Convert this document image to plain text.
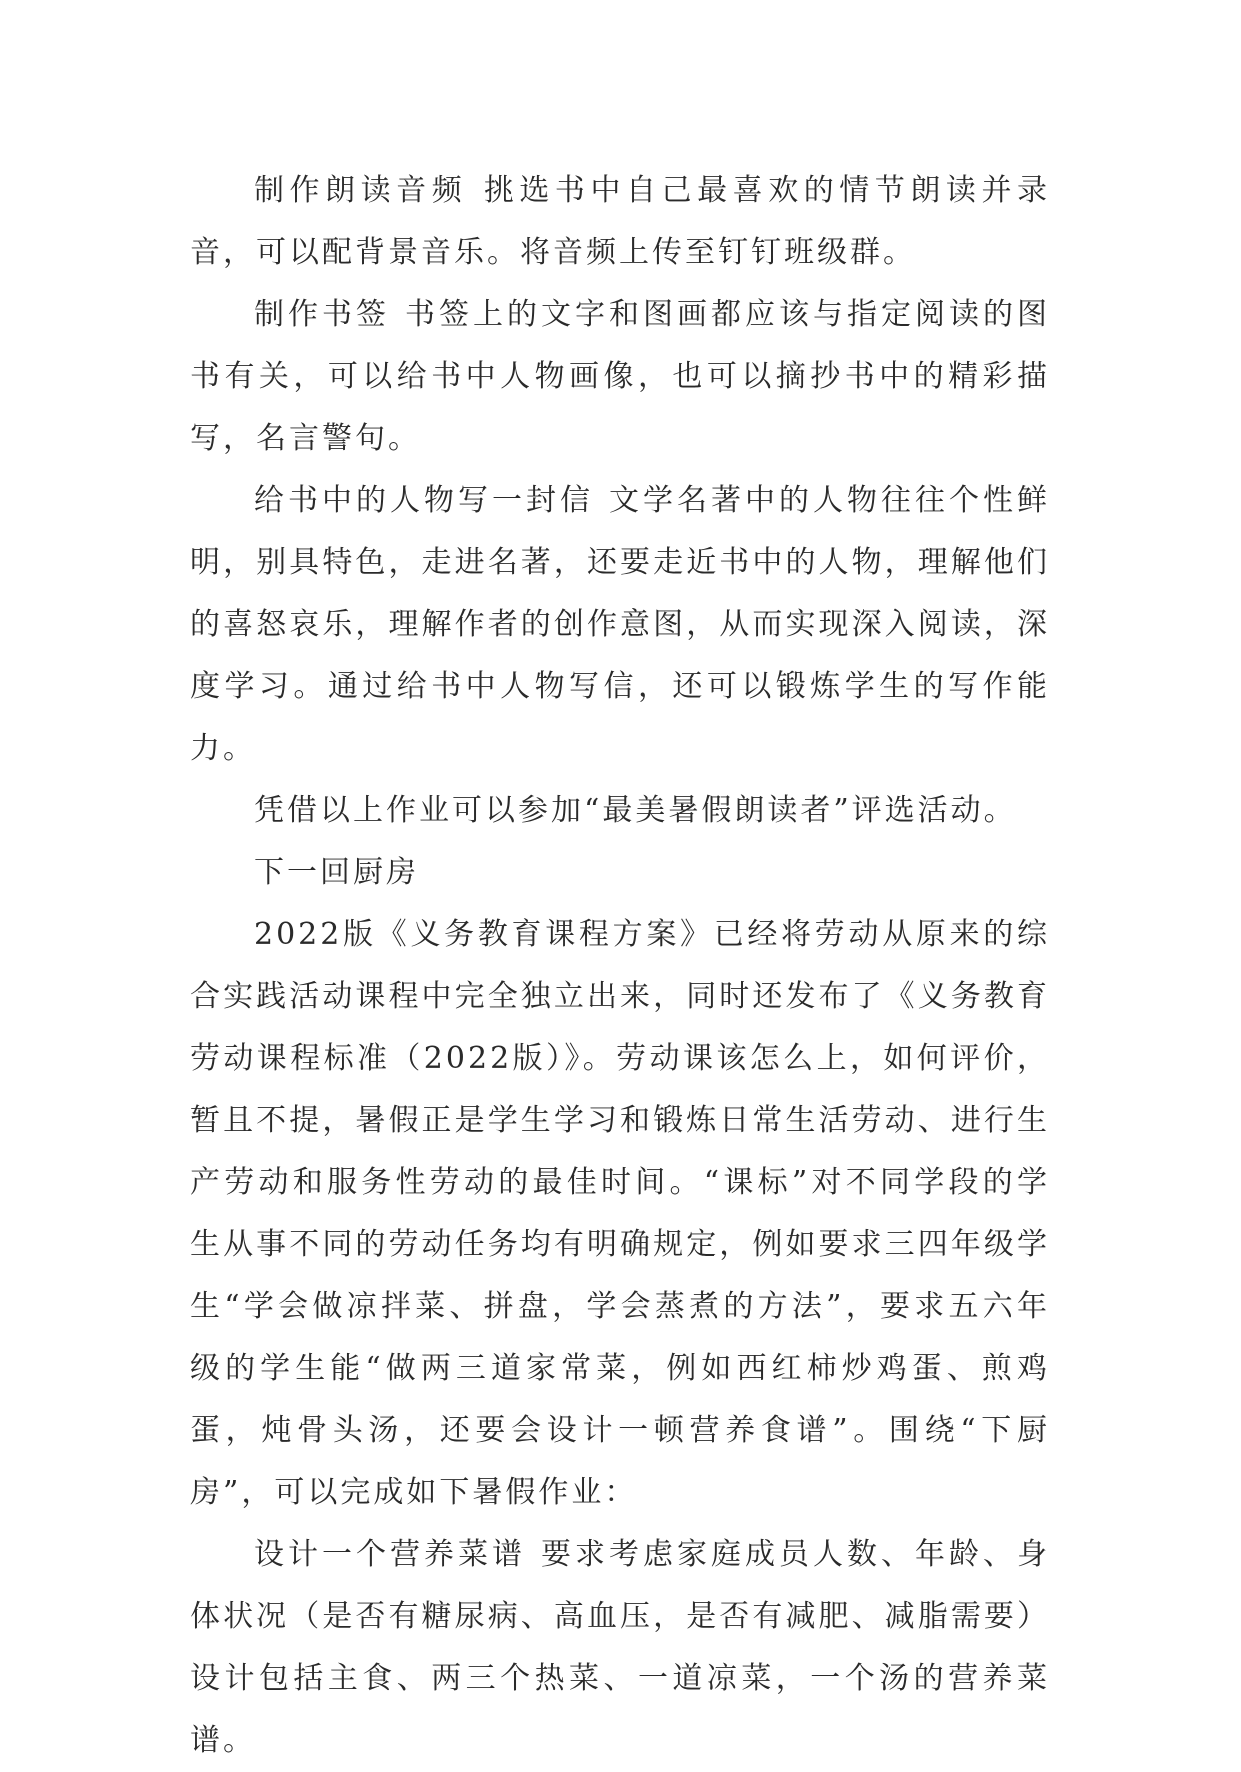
制作朗读音频 挑选书中自己最喜欢的情节朗读并录音，可以配背景音乐。将音频上传至钉钉班级群。

制作书签 书签上的文字和图画都应该与指定阅读的图书有关，可以给书中人物画像，也可以摘抄书中的精彩描写，名言警句。

给书中的人物写一封信 文学名著中的人物往往个性鲜明，别具特色，走进名著，还要走近书中的人物，理解他们的喜怒哀乐，理解作者的创作意图，从而实现深入阅读，深度学习。通过给书中人物写信，还可以锻炼学生的写作能力。

凭借以上作业可以参加“最美暑假朗读者”评选活动。

下一回厨房

2022版《义务教育课程方案》已经将劳动从原来的综合实践活动课程中完全独立出来，同时还发布了《义务教育劳动课程标准（2022版）》。劳动课该怎么上，如何评价，暂且不提，暑假正是学生学习和锻炼日常生活劳动、进行生产劳动和服务性劳动的最佳时间。“课标”对不同学段的学生从事不同的劳动任务均有明确规定，例如要求三四年级学生“学会做凉拌菜、拼盘，学会蒸煮的方法”，要求五六年级的学生能“做两三道家常菜，例如西红柿炒鸡蛋、煎鸡蛋，炖骨头汤，还要会设计一顿营养食谱”。围绕“下厨房”，可以完成如下暑假作业：

设计一个营养菜谱 要求考虑家庭成员人数、年龄、身体状况（是否有糖尿病、高血压，是否有减肥、减脂需要）设计包括主食、两三个热菜、一道凉菜，一个汤的营养菜谱。
